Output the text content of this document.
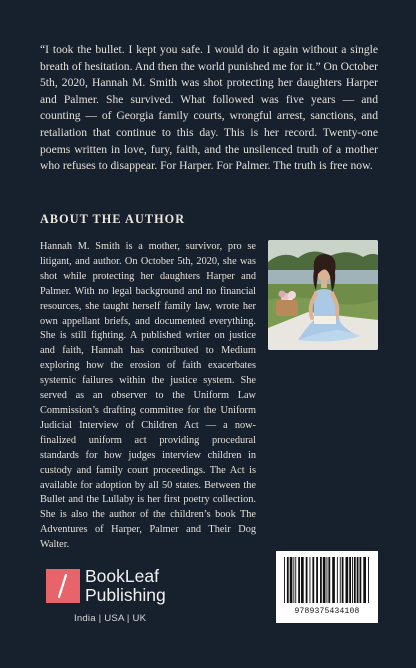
“I took the bullet. I kept you safe. I would do it again without a single breath of hesitation. And then the world punished me for it.” On October 5th, 2020, Hannah M. Smith was shot protecting her daughters Harper and Palmer. She survived. What followed was five years — and counting — of Georgia family courts, wrongful arrest, sanctions, and retaliation that continue to this day. This is her record. Twenty-one poems written in love, fury, faith, and the unsilenced truth of a mother who refuses to disappear. For Harper. For Palmer. The truth is free now.

ABOUT THE AUTHOR

Hannah M. Smith is a mother, survivor, pro se litigant, and author. On October 5th, 2020, she was shot while protecting her daughters Harper and Palmer. With no legal background and no financial resources, she taught herself family law, wrote her own appellant briefs, and documented everything. She is still fighting. A published writer on justice and faith, Hannah has contributed to Medium exploring how the erosion of faith exacerbates systemic failures within the justice system. She served as an observer to the Uniform Law Commission’s drafting committee for the Uniform Judicial Interview of Children Act — a now-finalized uniform act providing procedural standards for how judges interview children in custody and family court proceedings. The Act is available for adoption by all 50 states. Between the Bullet and the Lullaby is her first poetry collection. She is also the author of the children’s book The Adventures of Harper, Palmer and Their Dog Walter.

BookLeaf

Publishing

India | USA | UK

9789375434108
